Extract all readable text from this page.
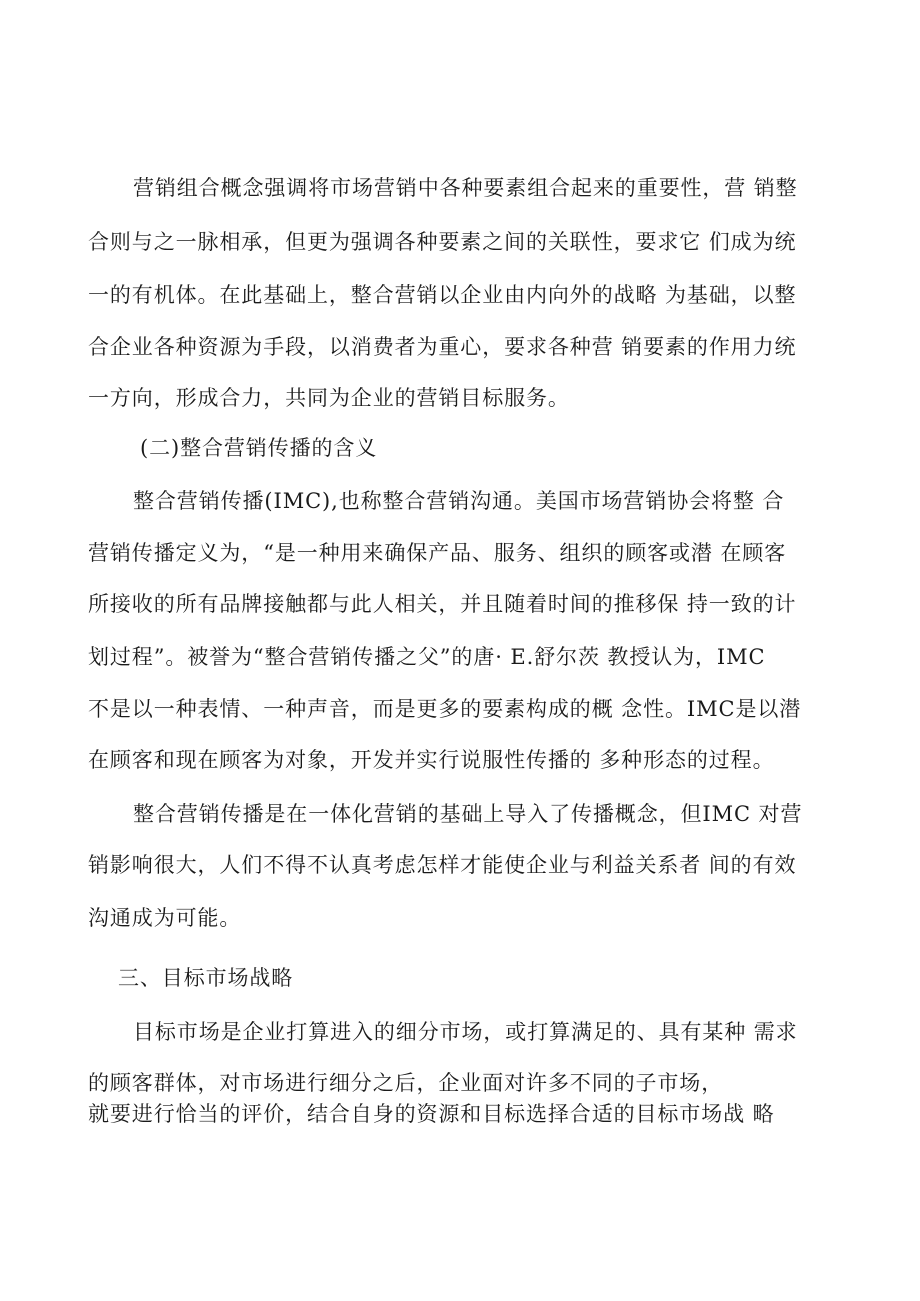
营销组合概念强调将市场营销中各种要素组合起来的重要性，营 销整
合则与之一脉相承，但更为强调各种要素之间的关联性，要求它 们成为统
一的有机体。在此基础上，整合营销以企业由内向外的战略 为基础，以整
合企业各种资源为手段，以消费者为重心，要求各种营 销要素的作用力统
一方向，形成合力，共同为企业的营销目标服务。
(二)整合营销传播的含义
整合营销传播(IMC),也称整合营销沟通。美国市场营销协会将整 合
营销传播定义为，“是一种用来确保产品、服务、组织的顾客或潜 在顾客
所接收的所有品牌接触都与此人相关，并且随着时间的推移保 持一致的计
划过程”。被誉为“整合营销传播之父”的唐· E.舒尔茨 教授认为，IMC
不是以一种表情、一种声音，而是更多的要素构成的概 念性。IMC是以潜
在顾客和现在顾客为对象，开发并实行说服性传播的 多种形态的过程。
整合营销传播是在一体化营销的基础上导入了传播概念，但IMC 对营
销影响很大，人们不得不认真考虑怎样才能使企业与利益关系者 间的有效
沟通成为可能。
三、目标市场战略
目标市场是企业打算进入的细分市场，或打算满足的、具有某种 需求
的顾客群体，对市场进行细分之后，企业面对许多不同的子市场，
就要进行恰当的评价，结合自身的资源和目标选择合适的目标市场战 略
